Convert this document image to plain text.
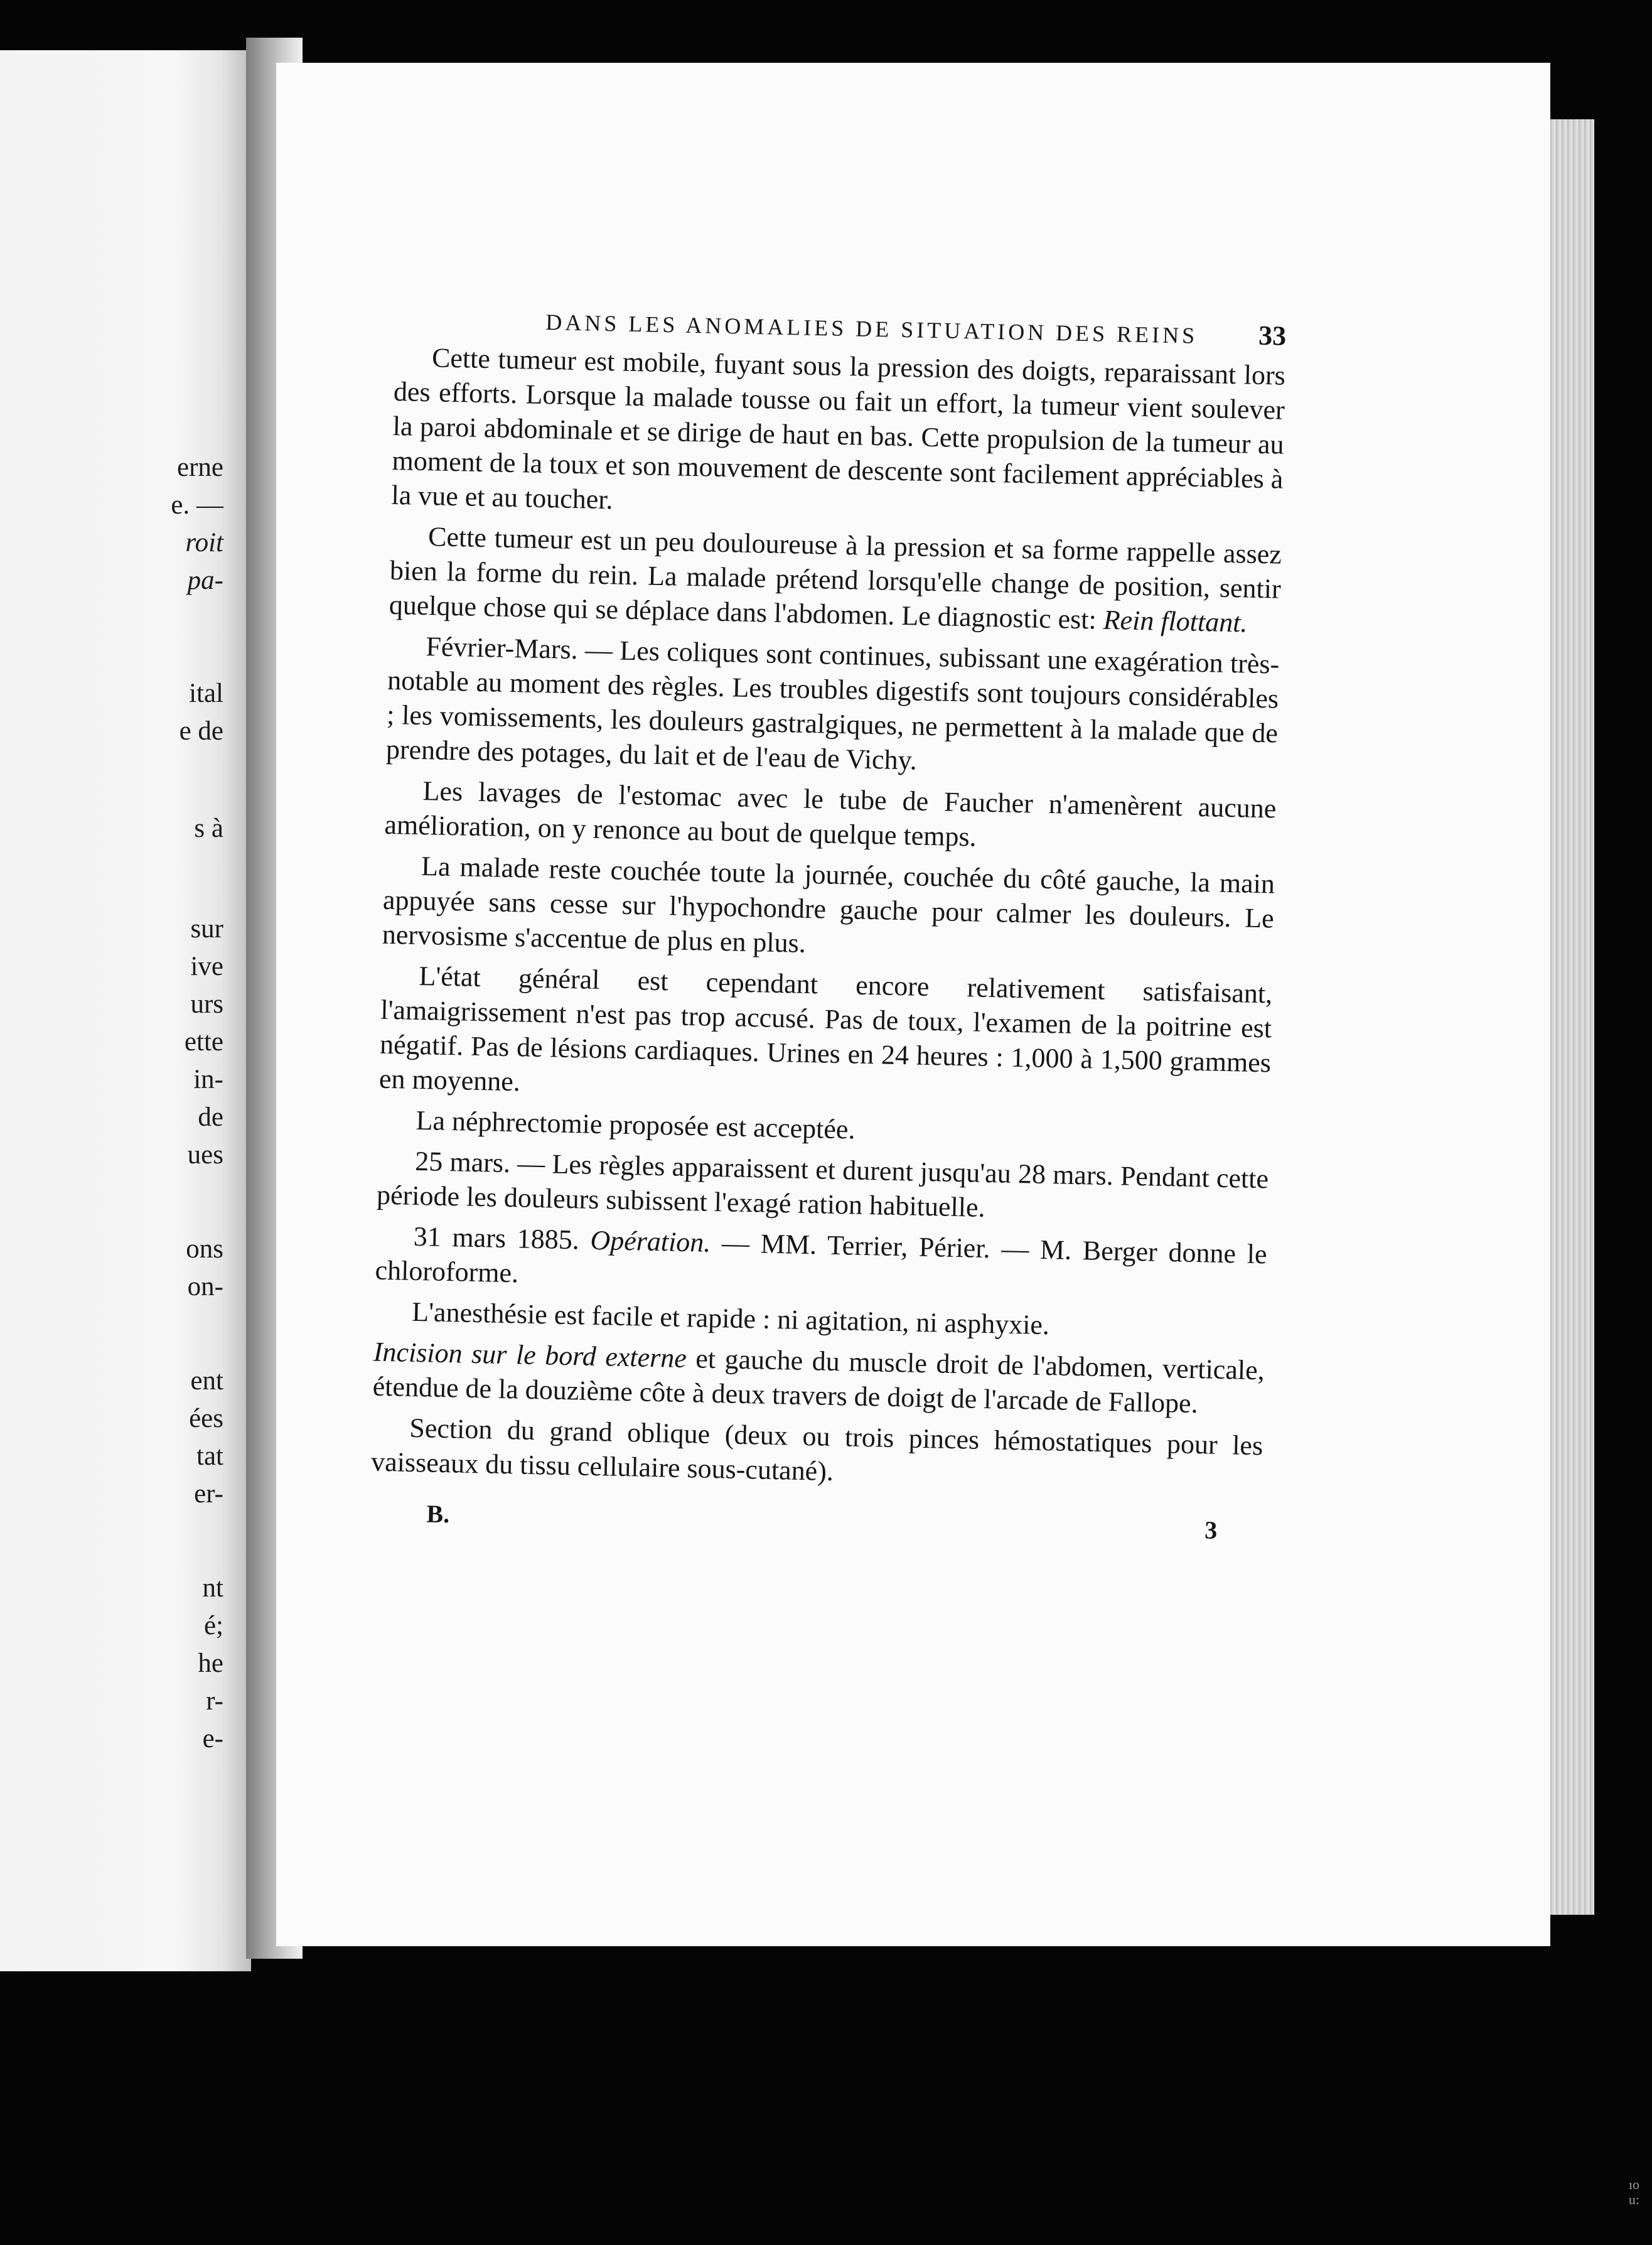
erne
e. —
roit
pa-
ital
e de
s à
sur
ive
urs
ette
in-
de
ues
ons
on-
ent
ées
tat
er-
nt
é;
he
r-
e-
DANS LES ANOMALIES DE SITUATION DES REINS 33

Cette tumeur est mobile, fuyant sous la pression des doigts, reparaissant lors des efforts. Lorsque la malade tousse ou fait un effort, la tumeur vient soulever la paroi abdominale et se dirige de haut en bas. Cette propulsion de la tumeur au moment de la toux et son mouvement de descente sont facilement appréciables à la vue et au toucher.

Cette tumeur est un peu douloureuse à la pression et sa forme rappelle assez bien la forme du rein. La malade prétend lorsqu'elle change de position, sentir quelque chose qui se déplace dans l'abdomen. Le diagnostic est: Rein flottant.

Février-Mars. — Les coliques sont continues, subissant une exagération très-notable au moment des règles. Les troubles digestifs sont toujours considérables ; les vomissements, les douleurs gastralgiques, ne permettent à la malade que de prendre des potages, du lait et de l'eau de Vichy.

Les lavages de l'estomac avec le tube de Faucher n'amenèrent aucune amélioration, on y renonce au bout de quelque temps.

La malade reste couchée toute la journée, couchée du côté gauche, la main appuyée sans cesse sur l'hypochondre gauche pour calmer les douleurs. Le nervosisme s'accentue de plus en plus.

L'état général est cependant encore relativement satisfaisant, l'amaigrissement n'est pas trop accusé. Pas de toux, l'examen de la poitrine est négatif. Pas de lésions cardiaques. Urines en 24 heures : 1,000 à 1,500 grammes en moyenne.

La néphrectomie proposée est acceptée.

25 mars. — Les règles apparaissent et durent jusqu'au 28 mars. Pendant cette période les douleurs subissent l'exagé ration habituelle.

31 mars 1885. Opération. — MM. Terrier, Périer. — M. Berger donne le chloroforme.

L'anesthésie est facile et rapide : ni agitation, ni asphyxie.

Incision sur le bord externe et gauche du muscle droit de l'abdomen, verticale, étendue de la douzième côte à deux travers de doigt de l'arcade de Fallope.

Section du grand oblique (deux ou trois pinces hémostatiques pour les vaisseaux du tissu cellulaire sous-cutané).

B.
3
ıo
u:
